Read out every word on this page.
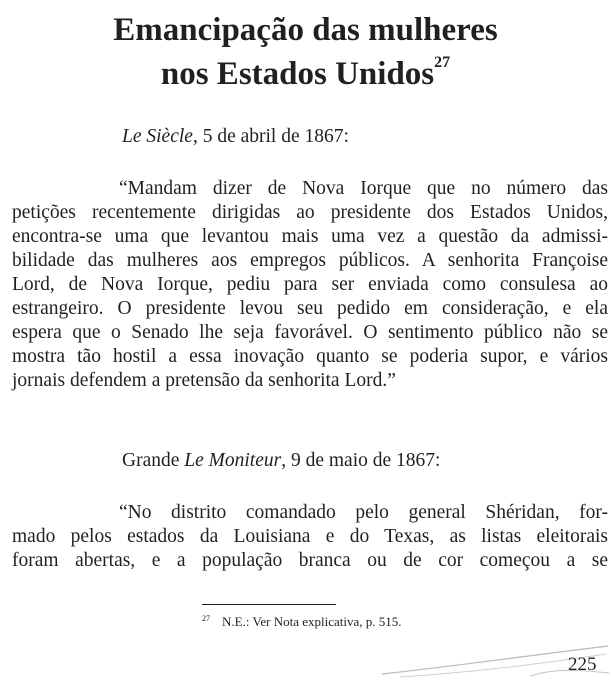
Emancipação das mulheres
nos Estados Unidos$^{27}$
Le Siècle, 5 de abril de 1867:
“Mandam dizer de Nova Iorque que no número das
petições recentemente dirigidas ao presidente dos Estados Unidos,
encontra-se uma que levantou mais uma vez a questão da admissi-
bilidade das mulheres aos empregos públicos. A senhorita Françoise
Lord, de Nova Iorque, pediu para ser enviada como consulesa ao
estrangeiro. O presidente levou seu pedido em consideração, e ela
espera que o Senado lhe seja favorável. O sentimento público não se
mostra tão hostil a essa inovação quanto se poderia supor, e vários
jornais defendem a pretensão da senhorita Lord.”
Grande Le Moniteur, 9 de maio de 1867:
“No distrito comandado pelo general Shéridan, for-
mado pelos estados da Louisiana e do Texas, as listas eleitorais
foram abertas, e a população branca ou de cor começou a se
$^{27}$ N.E.: Ver Nota explicativa, p. 515.
225
